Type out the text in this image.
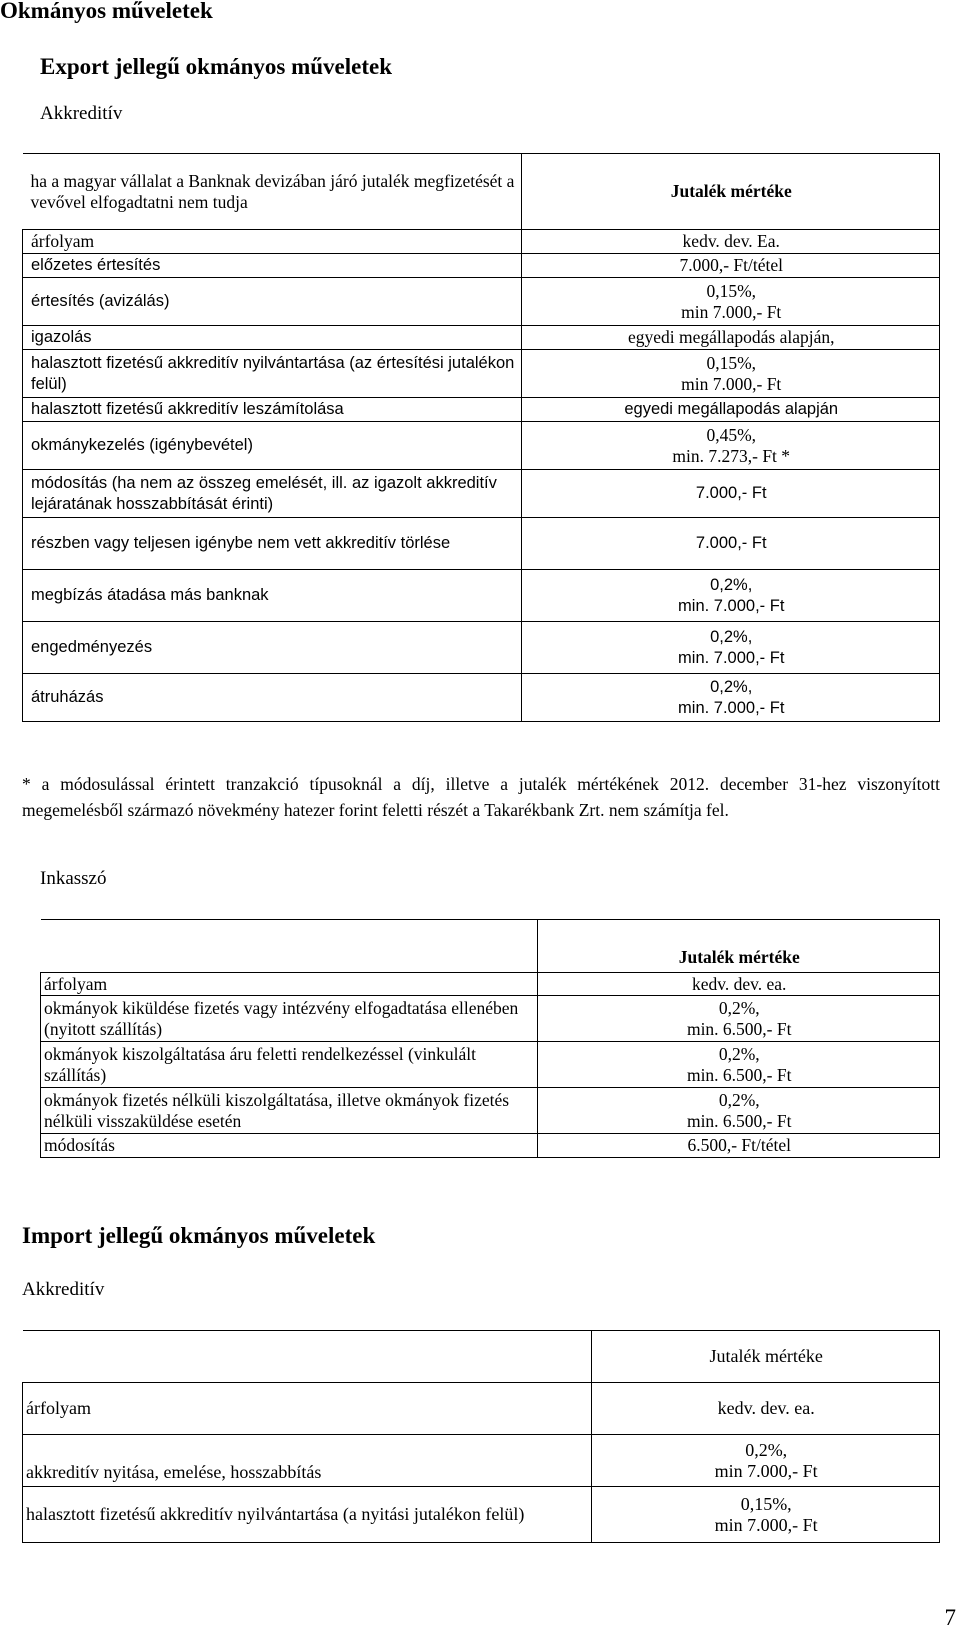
Okmányos műveletek
Export jellegű okmányos műveletek
Akkreditív
ha a magyar vállalat a Banknak devizában járó jutalék megfizetését a vevővel elfogadtatni nem tudja	Jutalék mértéke
árfolyam	kedv. dev. Ea.
előzetes értesítés	7.000,- Ft/tétel
értesítés (avizálás)	0,15%,
min 7.000,- Ft
igazolás	egyedi megállapodás alapján,
halasztott fizetésű akkreditív nyilvántartása (az értesítési jutalékon felül)	0,15%,
min 7.000,- Ft
halasztott fizetésű akkreditív leszámítolása	egyedi megállapodás alapján
okmánykezelés (igénybevétel)	0,45%,
min. 7.273,- Ft *
módosítás (ha nem az összeg emelését, ill. az igazolt akkreditív lejáratának hosszabbítását érinti)	7.000,- Ft
részben vagy teljesen igénybe nem vett akkreditív törlése	7.000,- Ft
megbízás átadása más banknak	0,2%,
min. 7.000,- Ft
engedményezés	0,2%,
min. 7.000,- Ft
átruházás	0,2%,
min. 7.000,- Ft
* a módosulással érintett tranzakció típusoknál a díj, illetve a jutalék mértékének 2012. december 31-hez viszonyított megemelésből származó növekmény hatezer forint feletti részét a Takarékbank Zrt. nem számítja fel.
Inkasszó
	Jutalék mértéke
árfolyam	kedv. dev. ea.
okmányok kiküldése fizetés vagy intézvény elfogadtatása ellenében (nyitott szállítás)	0,2%,
min. 6.500,- Ft
okmányok kiszolgáltatása áru feletti rendelkezéssel (vinkulált szállítás)	0,2%,
min. 6.500,- Ft
okmányok fizetés nélküli kiszolgáltatása, illetve okmányok fizetés nélküli visszaküldése esetén	0,2%,
min. 6.500,- Ft
módosítás	6.500,- Ft/tétel
Import jellegű okmányos műveletek
Akkreditív
	Jutalék mértéke
árfolyam	kedv. dev. ea.
akkreditív nyitása, emelése, hosszabbítás	0,2%,
min 7.000,- Ft
halasztott fizetésű akkreditív nyilvántartása (a nyitási jutalékon felül)	0,15%,
min 7.000,- Ft
7
